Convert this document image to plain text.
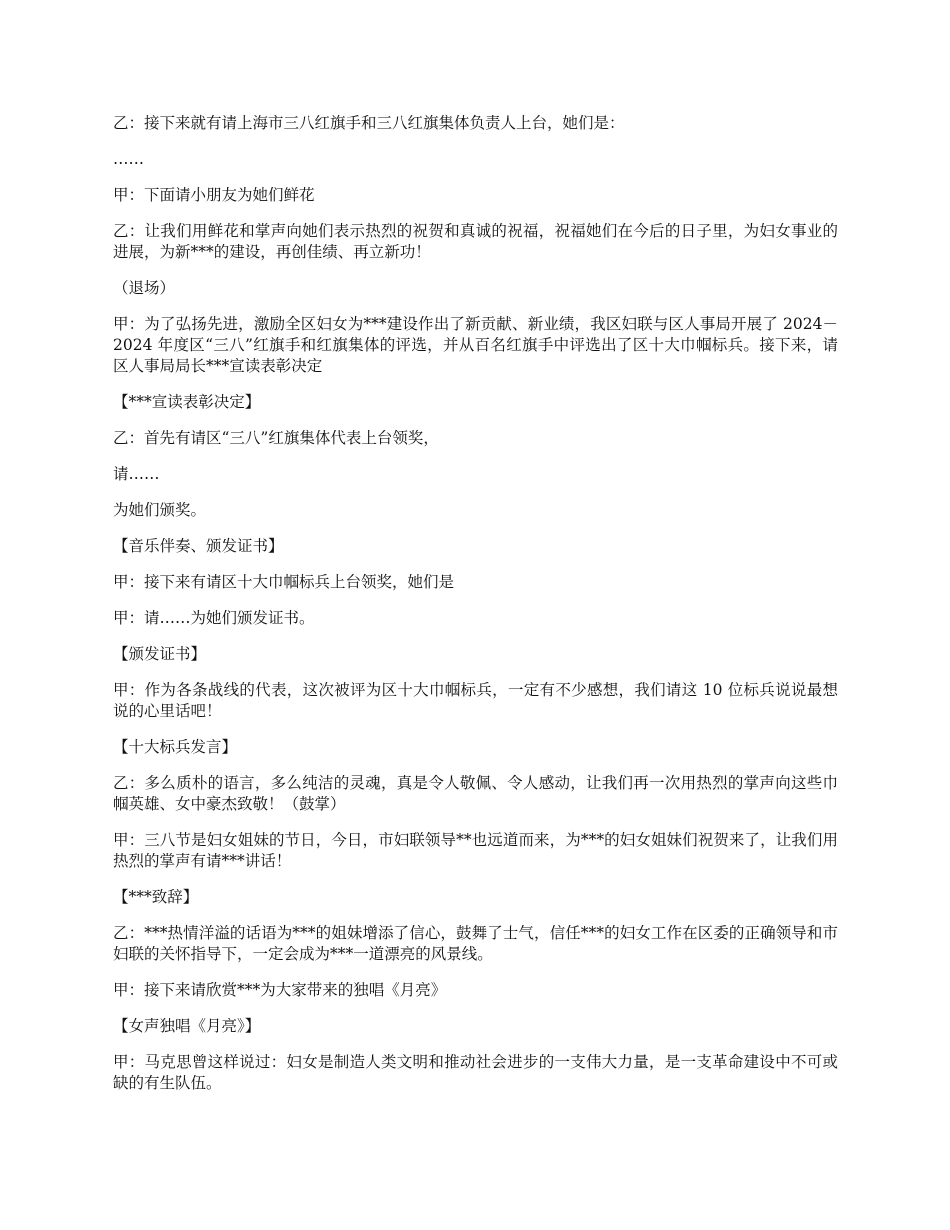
乙：接下来就有请上海市三八红旗手和三八红旗集体负责人上台，她们是：

……

甲：下面请小朋友为她们鲜花

乙：让我们用鲜花和掌声向她们表示热烈的祝贺和真诚的祝福，祝福她们在今后的日子里，为妇女事业的进展，为新***的建设，再创佳绩、再立新功！

（退场）

甲：为了弘扬先进，激励全区妇女为***建设作出了新贡献、新业绩，我区妇联与区人事局开展了 2024－2024 年度区“三八”红旗手和红旗集体的评选，并从百名红旗手中评选出了区十大巾帼标兵。接下来，请区人事局局长***宣读表彰决定

【***宣读表彰决定】

乙：首先有请区“三八”红旗集体代表上台领奖，

请……

为她们颁奖。

【音乐伴奏、颁发证书】

甲：接下来有请区十大巾帼标兵上台领奖，她们是

甲：请……为她们颁发证书。

【颁发证书】

甲：作为各条战线的代表，这次被评为区十大巾帼标兵，一定有不少感想，我们请这 10 位标兵说说最想说的心里话吧！

【十大标兵发言】

乙：多么质朴的语言，多么纯洁的灵魂，真是令人敬佩、令人感动，让我们再一次用热烈的掌声向这些巾帼英雄、女中豪杰致敬！（鼓掌）

甲：三八节是妇女姐妹的节日，今日，市妇联领导**也远道而来，为***的妇女姐妹们祝贺来了，让我们用热烈的掌声有请***讲话！

【***致辞】

乙：***热情洋溢的话语为***的姐妹增添了信心，鼓舞了士气，信任***的妇女工作在区委的正确领导和市妇联的关怀指导下，一定会成为***一道漂亮的风景线。

甲：接下来请欣赏***为大家带来的独唱《月亮》

【女声独唱《月亮》】

甲：马克思曾这样说过：妇女是制造人类文明和推动社会进步的一支伟大力量，是一支革命建设中不可或缺的有生队伍。
